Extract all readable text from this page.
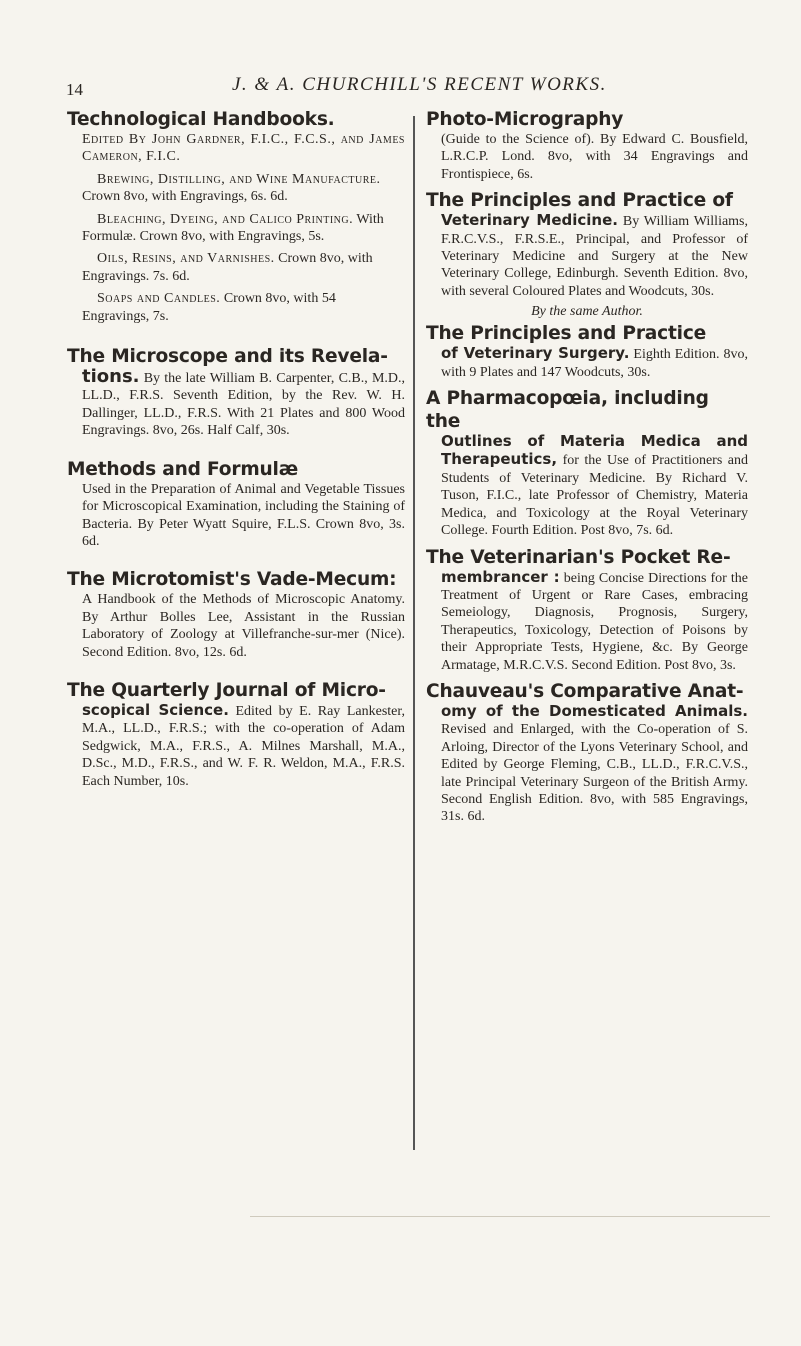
14	J. & A. CHURCHILL'S RECENT WORKS.
Technological Handbooks.
Edited By John Gardner, F.I.C., F.C.S., and James Cameron, F.I.C.
Brewing, Distilling, and Wine Manufacture. Crown 8vo, with Engravings, 6s. 6d.
Bleaching, Dyeing, and Calico Printing. With Formulæ. Crown 8vo, with Engravings, 5s.
Oils, Resins, and Varnishes. Crown 8vo, with Engravings. 7s. 6d.
Soaps and Candles. Crown 8vo, with 54 Engravings, 7s.
The Microscope and its Revela-
tions. By the late William B. Carpenter, C.B., M.D., LL.D., F.R.S. Seventh Edition, by the Rev. W. H. Dallinger, LL.D., F.R.S. With 21 Plates and 800 Wood Engravings. 8vo, 26s. Half Calf, 30s.
Methods and Formulæ
Used in the Preparation of Animal and Vegetable Tissues for Microscopical Examination, including the Staining of Bacteria. By Peter Wyatt Squire, F.L.S. Crown 8vo, 3s. 6d.
The Microtomist's Vade-Mecum:
A Handbook of the Methods of Microscopic Anatomy. By Arthur Bolles Lee, Assistant in the Russian Laboratory of Zoology at Villefranche-sur-mer (Nice). Second Edition. 8vo, 12s. 6d.
The Quarterly Journal of Micro-
scopical Science. Edited by E. Ray Lankester, M.A., LL.D., F.R.S.; with the co-operation of Adam Sedgwick, M.A., F.R.S., A. Milnes Marshall, M.A., D.Sc., M.D., F.R.S., and W. F. R. Weldon, M.A., F.R.S. Each Number, 10s.
Photo-Micrography
(Guide to the Science of). By Edward C. Bousfield, L.R.C.P. Lond. 8vo, with 34 Engravings and Frontispiece, 6s.
The Principles and Practice of
Veterinary Medicine. By William Williams, F.R.C.V.S., F.R.S.E., Principal, and Professor of Veterinary Medicine and Surgery at the New Veterinary College, Edinburgh. Seventh Edition. 8vo, with several Coloured Plates and Woodcuts, 30s.
By the same Author.
The Principles and Practice
of Veterinary Surgery. Eighth Edition. 8vo, with 9 Plates and 147 Woodcuts, 30s.
A Pharmacopœia, including the
Outlines of Materia Medica and Therapeutics, for the Use of Practitioners and Students of Veterinary Medicine. By Richard V. Tuson, F.I.C., late Professor of Chemistry, Materia Medica, and Toxicology at the Royal Veterinary College. Fourth Edition. Post 8vo, 7s. 6d.
The Veterinarian's Pocket Re-
membrancer : being Concise Directions for the Treatment of Urgent or Rare Cases, embracing Semeiology, Diagnosis, Prognosis, Surgery, Therapeutics, Toxicology, Detection of Poisons by their Appropriate Tests, Hygiene, &c. By George Armatage, M.R.C.V.S. Second Edition. Post 8vo, 3s.
Chauveau's Comparative Anat-
omy of the Domesticated Animals. Revised and Enlarged, with the Co-operation of S. Arloing, Director of the Lyons Veterinary School, and Edited by George Fleming, C.B., LL.D., F.R.C.V.S., late Principal Veterinary Surgeon of the British Army. Second English Edition. 8vo, with 585 Engravings, 31s. 6d.
